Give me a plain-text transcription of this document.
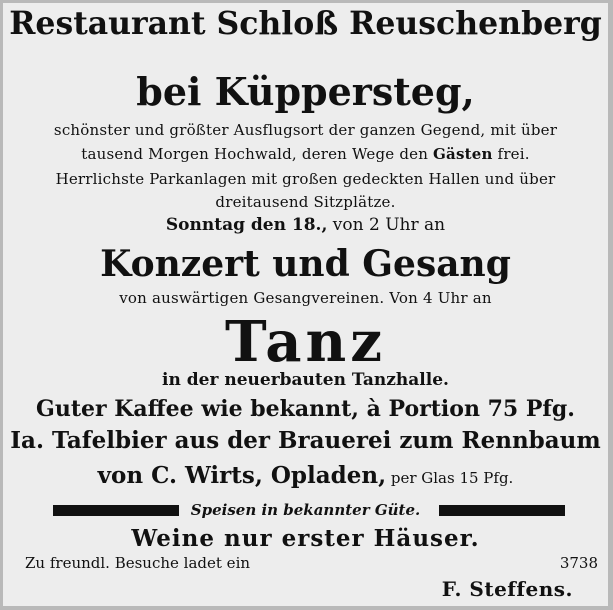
Restaurant Schloß Reuschenberg
bei Küppersteg,
schönster und größter Ausflugsort der ganzen Gegend, mit über
tausend Morgen Hochwald, deren Wege den Gästen frei.
Herrlichste Parkanlagen mit großen gedeckten Hallen und über
dreitausend Sitzplätze.
Sonntag den 18., von 2 Uhr an
Konzert und Gesang
von auswärtigen Gesangvereinen. Von 4 Uhr an
Tanz
in der neuerbauten Tanzhalle.
Guter Kaffee wie bekannt, à Portion 75 Pfg.
Ia. Tafelbier aus der Brauerei zum Rennbaum
von C. Wirts, Opladen, per Glas 15 Pfg.
Speisen in bekannter Güte.
Weine nur erster Häuser.
Zu freundl. Besuche ladet ein	3738
F. Steffens.
